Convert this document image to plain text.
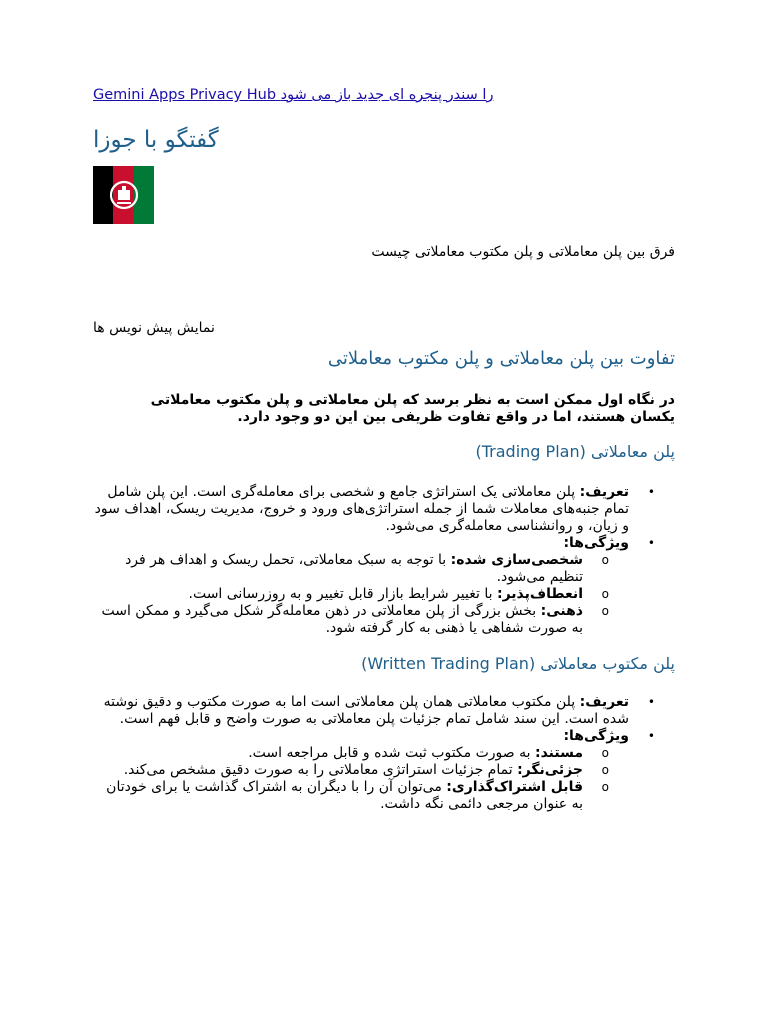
Gemini Apps Privacy Hub را سندر پنجره ای جدید باز می شود
گفتگو با جوزا
فرق بین پلن معاملاتی و پلن مکتوب معاملاتی چیست
نمایش پیش نویس ها
تفاوت بین پلن معاملاتی و پلن مکتوب معاملاتی
در نگاه اول ممکن است به نظر برسد که پلن معاملاتی و پلن مکتوب معاملاتی یکسان هستند، اما در واقع تفاوت ظریفی بین این دو وجود دارد.
پلن معاملاتی (Trading Plan)
•
تعریف: پلن معاملاتی یک استراتژی جامع و شخصی برای معامله‌گری است. این پلن شامل تمام جنبه‌های معاملات شما از جمله استراتژی‌های ورود و خروج، مدیریت ریسک، اهداف سود و زیان، و روانشناسی معامله‌گری می‌شود.
•
ویژگی‌ها:
o
شخصی‌سازی شده: با توجه به سبک معاملاتی، تحمل ریسک و اهداف هر فرد تنظیم می‌شود.
o
انعطاف‌پذیر: با تغییر شرایط بازار قابل تغییر و به روزرسانی است.
o
ذهنی: بخش بزرگی از پلن معاملاتی در ذهن معامله‌گر شکل می‌گیرد و ممکن است به صورت شفاهی یا ذهنی به کار گرفته شود.
پلن مکتوب معاملاتی (Written Trading Plan)
•
تعریف: پلن مکتوب معاملاتی همان پلن معاملاتی است اما به صورت مکتوب و دقیق نوشته شده است. این سند شامل تمام جزئیات پلن معاملاتی به صورت واضح و قابل فهم است.
•
ویژگی‌ها:
o
مستند: به صورت مکتوب ثبت شده و قابل مراجعه است.
o
جزئی‌نگر: تمام جزئیات استراتژی معاملاتی را به صورت دقیق مشخص می‌کند.
o
قابل اشتراک‌گذاری: می‌توان آن را با دیگران به اشتراک گذاشت یا برای خودتان به عنوان مرجعی دائمی نگه داشت.
